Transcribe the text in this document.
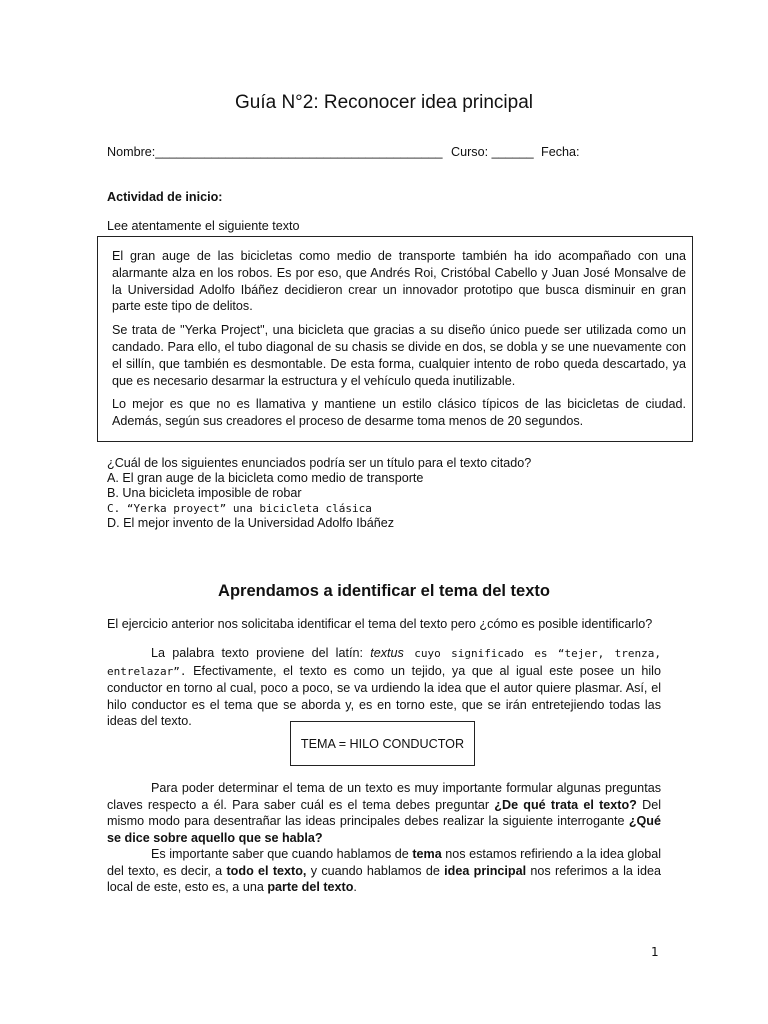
Guía N°2: Reconocer idea principal
Nombre:_________________________________________ Curso: ______ Fecha:
Actividad de inicio:
Lee atentamente el siguiente texto

El gran auge de las bicicletas como medio de transporte también ha ido acompañado con una alarmante alza en los robos. Es por eso, que Andrés Roi, Cristóbal Cabello y Juan José Monsalve de la Universidad Adolfo Ibáñez decidieron crear un innovador prototipo que busca disminuir en gran parte este tipo de delitos.

Se trata de "Yerka Project", una bicicleta que gracias a su diseño único puede ser utilizada como un candado. Para ello, el tubo diagonal de su chasis se divide en dos, se dobla y se une nuevamente con el sillín, que también es desmontable. De esta forma, cualquier intento de robo queda descartado, ya que es necesario desarmar la estructura y el vehículo queda inutilizable.

Lo mejor es que no es llamativa y mantiene un estilo clásico típicos de las bicicletas de ciudad. Además, según sus creadores el proceso de desarme toma menos de 20 segundos.

¿Cuál de los siguientes enunciados podría ser un título para el texto citado?
A. El gran auge de la bicicleta como medio de transporte
B. Una bicicleta imposible de robar
C. “Yerka proyect” una bicicleta clásica
D. El mejor invento de la Universidad Adolfo Ibáñez
Aprendamos a identificar el tema del texto
El ejercicio anterior nos solicitaba identificar el tema del texto pero ¿cómo es posible identificarlo?

La palabra texto proviene del latín: textus cuyo significado es “tejer, trenza, entrelazar”. Efectivamente, el texto es como un tejido, ya que al igual este posee un hilo conductor en torno al cual, poco a poco, se va urdiendo la idea que el autor quiere plasmar. Así, el hilo conductor es el tema que se aborda y, es en torno este, que se irán entretejiendo todas las ideas del texto.

TEMA = HILO CONDUCTOR

Para poder determinar el tema de un texto es muy importante formular algunas preguntas claves respecto a él. Para saber cuál es el tema debes preguntar ¿De qué trata el texto? Del mismo modo para desentrañar las ideas principales debes realizar la siguiente interrogante ¿Qué se dice sobre aquello que se habla?

Es importante saber que cuando hablamos de tema nos estamos refiriendo a la idea global del texto, es decir, a todo el texto, y cuando hablamos de idea principal nos referimos a la idea local de este, esto es, a una parte del texto.

1
